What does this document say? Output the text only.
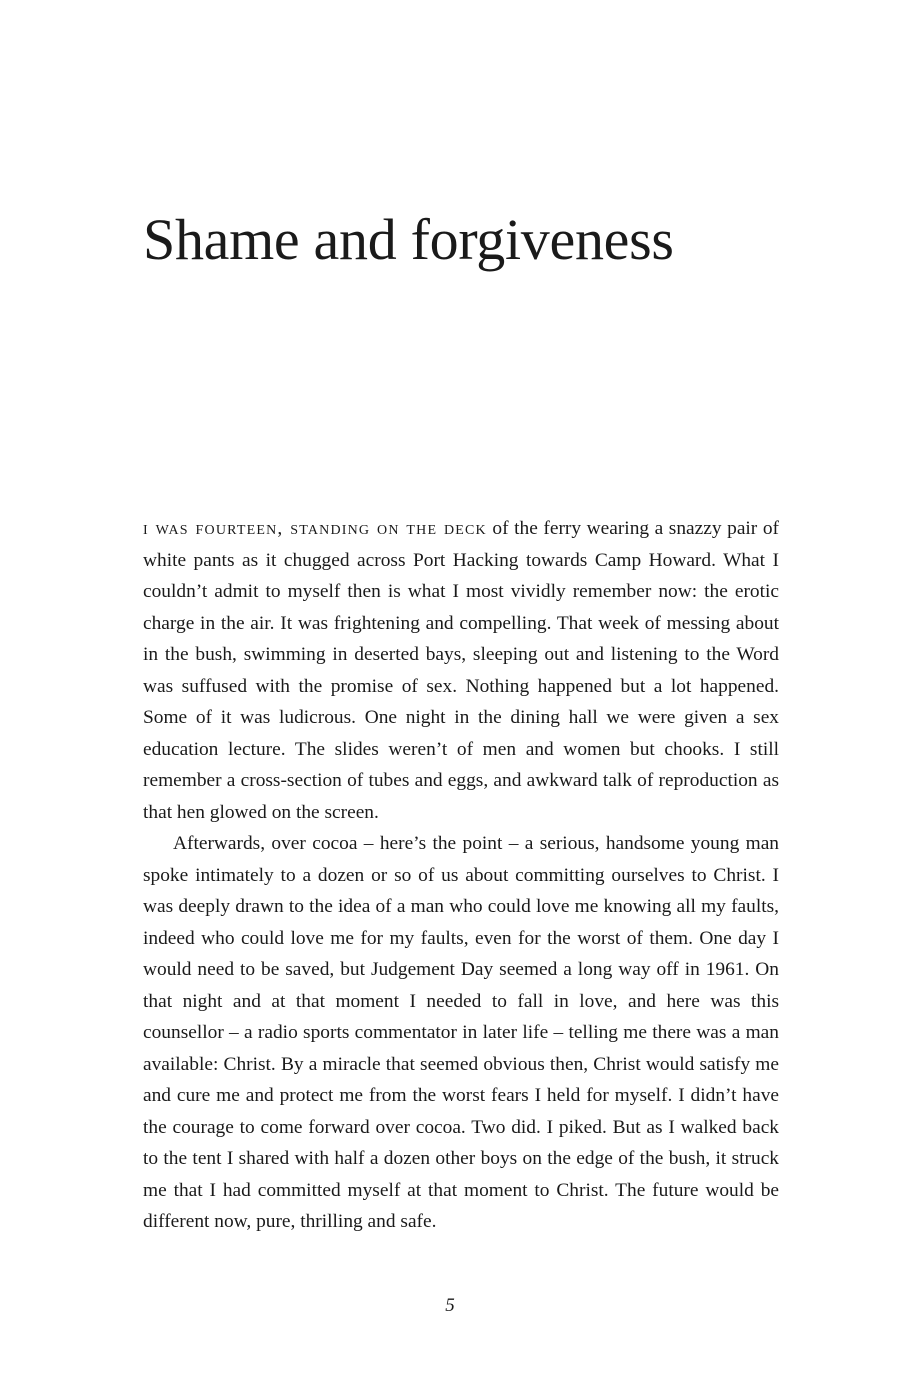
Shame and forgiveness

i was fourteen, standing on the deck of the ferry wearing a snazzy pair of white pants as it chugged across Port Hacking towards Camp Howard. What I couldn’t admit to myself then is what I most vividly remember now: the erotic charge in the air. It was frightening and compelling. That week of messing about in the bush, swimming in deserted bays, sleeping out and listening to the Word was suffused with the promise of sex. Nothing happened but a lot happened. Some of it was ludicrous. One night in the dining hall we were given a sex education lecture. The slides weren’t of men and women but chooks. I still remember a cross-section of tubes and eggs, and awkward talk of reproduction as that hen glowed on the screen.

Afterwards, over cocoa – here’s the point – a serious, handsome young man spoke intimately to a dozen or so of us about committing ourselves to Christ. I was deeply drawn to the idea of a man who could love me knowing all my faults, indeed who could love me for my faults, even for the worst of them. One day I would need to be saved, but Judgement Day seemed a long way off in 1961. On that night and at that moment I needed to fall in love, and here was this counsellor – a radio sports commentator in later life – telling me there was a man available: Christ. By a miracle that seemed obvious then, Christ would satisfy me and cure me and protect me from the worst fears I held for myself. I didn’t have the courage to come forward over cocoa. Two did. I piked. But as I walked back to the tent I shared with half a dozen other boys on the edge of the bush, it struck me that I had committed myself at that moment to Christ. The future would be different now, pure, thrilling and safe.

5
